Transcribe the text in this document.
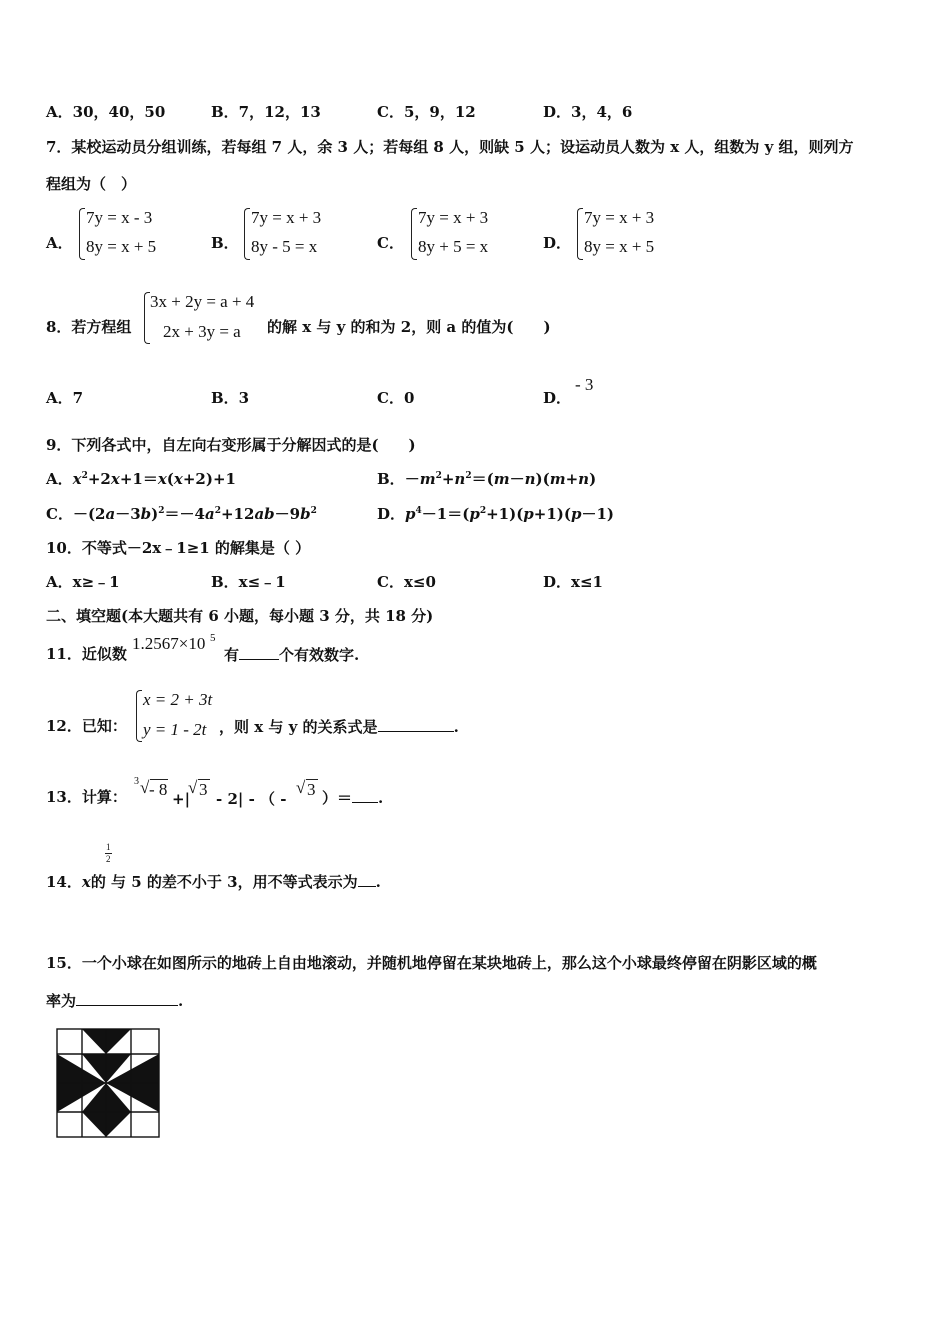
A．30，40，50	B．7，12，13	C．5，9，12	D．3，4，6
7．某校运动员分组训练，若每组 7 人，余 3 人；若每组 8 人，则缺 5 人；设运动员人数为 x 人，组数为 y 组，则列方
程组为（　）
A．
7y = x - 3
8y = x + 5	B．
7y = x + 3
8y - 5 = x	C．
7y = x + 3
8y + 5 = x	D．
7y = x + 3
8y = x + 5
8．若方程组
3x + 2y = a + 4
2x + 3y = a 的解 x 与 y 的和为 2，则 a 的值为(　　)
A．7	B．3	C．0	D．
- 3
9．下列各式中，自左向右变形属于分解因式的是(　　)
A．$x^2+2x+1=x(x+2)+1$	B．$-m^2+n^2=(m-n)(m+n)$
C．$-(2a-3b)^2=-4a^2+12ab-9b^2$	D．$p^4-1=(p^2+1)(p+1)(p-1)$
10．不等式－2x﹣1≥1 的解集是（ ）
A．x≥﹣1	B．x≤﹣1	C．x≤0	D．x≤1
二、填空题(本大题共有 6 小题，每小题 3 分，共 18 分)
11．近似数
1.2567×10 5
有	个有效数字.
12．已知：
x = 2 + 3t
y = 1 - 2t ，则 x 与 y 的关系式是	.
13．计算：
3 √ - 8 +|
√ 3 - 2| - （ -
√ 3 ）＝ .
1
2
14．x的 与 5 的差不小于 3，用不等式表示为 .
15．一个小球在如图所示的地砖上自由地滚动，并随机地停留在某块地砖上，那么这个小球最终停留在阴影区域的概
率为	.
